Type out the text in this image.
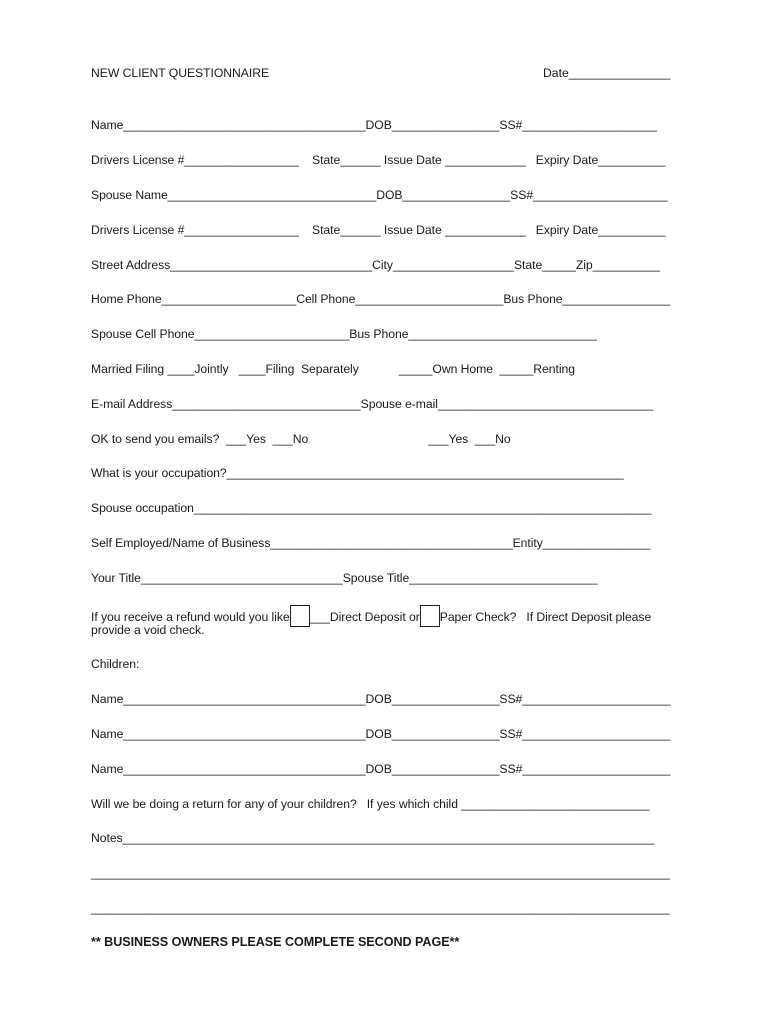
NEW CLIENT QUESTIONNAIRE	Date_______________
Name____________________________________DOB________________SS#____________________
Drivers License #_________________    State______ Issue Date ____________   Expiry Date__________
Spouse Name_______________________________DOB________________SS#____________________
Drivers License #_________________    State______ Issue Date ____________   Expiry Date__________
Street Address______________________________City__________________State_____Zip__________
Home Phone____________________Cell Phone______________________Bus Phone________________
Spouse Cell Phone_______________________Bus Phone____________________________
Married Filing ____Jointly   ____Filing  Separately            _____Own Home  _____Renting
E-mail Address____________________________Spouse e-mail________________________________
OK to send you emails?  ___Yes  ___No                                    ___Yes  ___No
What is your occupation?___________________________________________________________
Spouse occupation____________________________________________________________________
Self Employed/Name of Business____________________________________Entity________________
Your Title______________________________Spouse Title____________________________
If you receive a refund would you like ___Direct Deposit or Paper Check?   If Direct Deposit please
provide a void check.
Children:
Name____________________________________DOB________________SS#______________________
Name____________________________________DOB________________SS#______________________
Name____________________________________DOB________________SS#______________________
Will we be doing a return for any of your children?   If yes which child ____________________________
Notes_______________________________________________________________________________
______________________________________________________________________________________
______________________________________________________________________________________
** BUSINESS OWNERS PLEASE COMPLETE SECOND PAGE**
